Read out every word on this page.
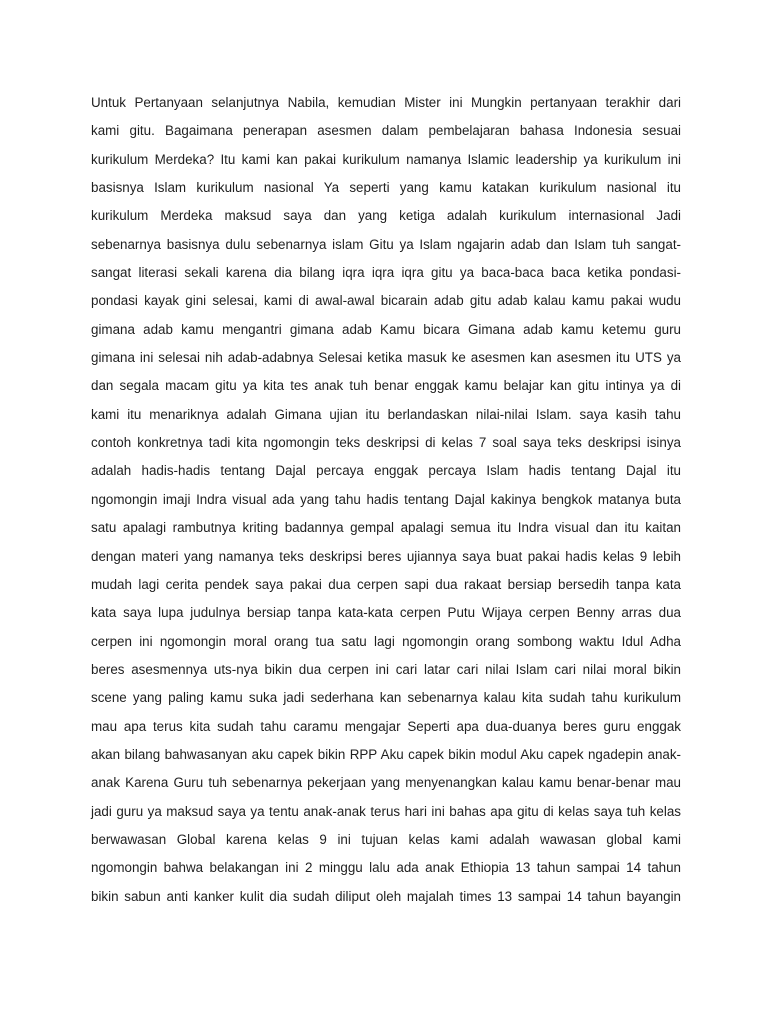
Untuk Pertanyaan selanjutnya Nabila, kemudian Mister ini Mungkin pertanyaan terakhir dari
kami gitu. Bagaimana penerapan asesmen dalam pembelajaran bahasa Indonesia sesuai
kurikulum Merdeka? Itu kami kan pakai kurikulum namanya Islamic leadership ya kurikulum ini
basisnya Islam kurikulum nasional Ya seperti yang kamu katakan kurikulum nasional itu
kurikulum Merdeka maksud saya dan yang ketiga adalah kurikulum internasional Jadi
sebenarnya basisnya dulu sebenarnya islam Gitu ya Islam ngajarin adab dan Islam tuh sangat-
sangat literasi sekali karena dia bilang iqra iqra iqra gitu ya baca-baca baca ketika pondasi-
pondasi kayak gini selesai, kami di awal-awal bicarain adab gitu adab kalau kamu pakai wudu
gimana adab kamu mengantri gimana adab Kamu bicara Gimana adab kamu ketemu guru
gimana ini selesai nih adab-adabnya Selesai ketika masuk ke asesmen kan asesmen itu UTS ya
dan segala macam gitu ya kita tes anak tuh benar enggak kamu belajar kan gitu intinya ya di
kami itu menariknya adalah Gimana ujian itu berlandaskan nilai-nilai Islam. saya kasih tahu
contoh konkretnya tadi kita ngomongin teks deskripsi di kelas 7 soal saya teks deskripsi isinya
adalah hadis-hadis tentang Dajal percaya enggak percaya Islam hadis tentang Dajal itu
ngomongin imaji Indra visual ada yang tahu hadis tentang Dajal kakinya bengkok matanya buta
satu apalagi rambutnya kriting badannya gempal apalagi semua itu Indra visual dan itu kaitan
dengan materi yang namanya teks deskripsi beres ujiannya saya buat pakai hadis kelas 9 lebih
mudah lagi cerita pendek saya pakai dua cerpen sapi dua rakaat bersiap bersedih tanpa kata
kata saya lupa judulnya bersiap tanpa kata-kata cerpen Putu Wijaya cerpen Benny arras dua
cerpen ini ngomongin moral orang tua satu lagi ngomongin orang sombong waktu Idul Adha
beres asesmennya uts-nya bikin dua cerpen ini cari latar cari nilai Islam cari nilai moral bikin
scene yang paling kamu suka jadi sederhana kan sebenarnya kalau kita sudah tahu kurikulum
mau apa terus kita sudah tahu caramu mengajar Seperti apa dua-duanya beres guru enggak
akan bilang bahwasanyan aku capek bikin RPP Aku capek bikin modul Aku capek ngadepin anak-
anak Karena Guru tuh sebenarnya pekerjaan yang menyenangkan kalau kamu benar-benar mau
jadi guru ya maksud saya ya tentu anak-anak terus hari ini bahas apa gitu di kelas saya tuh kelas
berwawasan Global karena kelas 9 ini tujuan kelas kami adalah wawasan global kami
ngomongin bahwa belakangan ini 2 minggu lalu ada anak Ethiopia 13 tahun sampai 14 tahun
bikin sabun anti kanker kulit dia sudah diliput oleh majalah times 13 sampai 14 tahun bayangin
